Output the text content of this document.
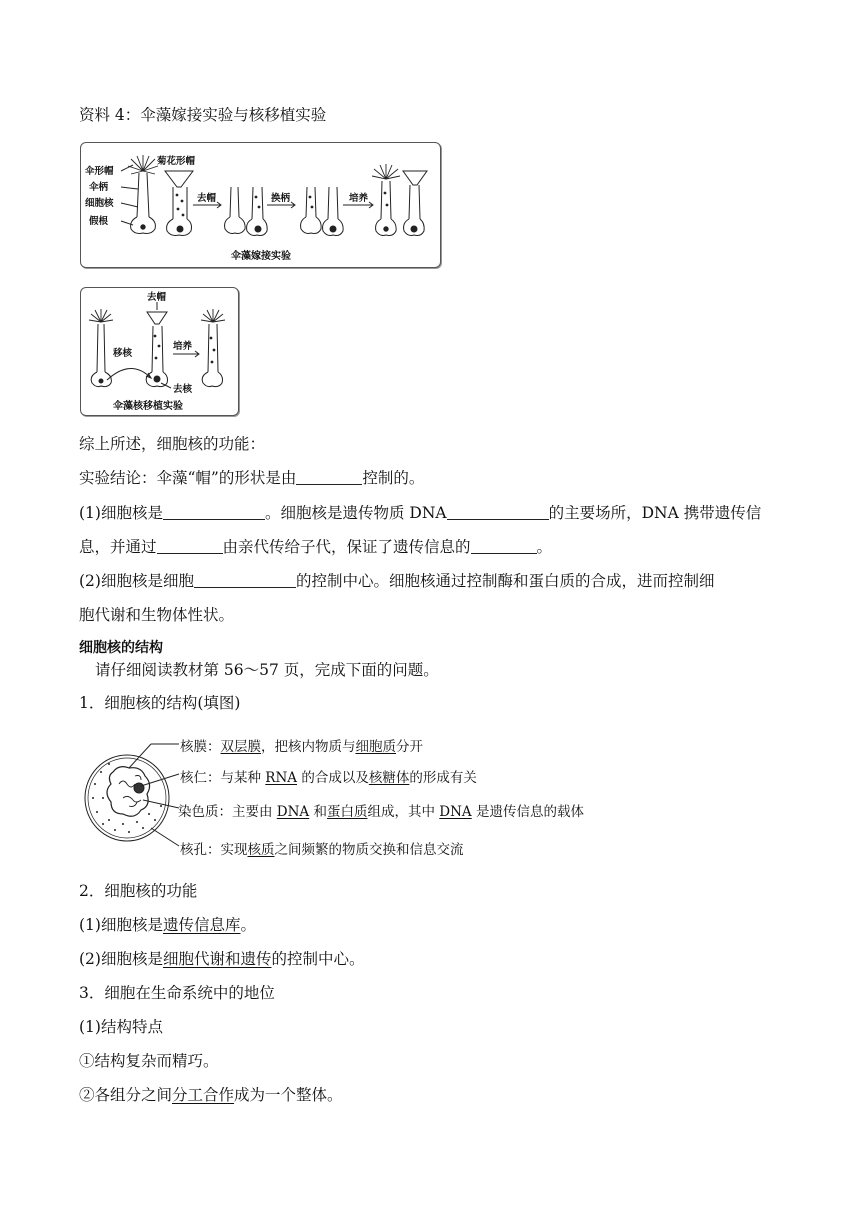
资料 4：伞藻嫁接实验与核移植实验
伞形帽
伞柄
细胞核
假根
菊花形帽
去帽	换柄	培养
伞藻嫁接实验
去帽
移核
培养
去核
伞藻核移植实验
综上所述，细胞核的功能：
实验结论：伞藻“帽”的形状是由	控制的。
(1)细胞核是	。细胞核是遗传物质 DNA	的主要场所，DNA 携带遗传信
息，并通过	由亲代传给子代，保证了遗传信息的	。
(2)细胞核是细胞	的控制中心。细胞核通过控制酶和蛋白质的合成，进而控制细
胞代谢和生物体性状。
细胞核的结构
请仔细阅读教材第 56～57 页，完成下面的问题。
1．细胞核的结构(填图)
核膜：双层膜，把核内物质与细胞质分开
核仁：与某种 RNA 的合成以及核糖体的形成有关
染色质：主要由 DNA 和蛋白质组成，其中 DNA 是遗传信息的载体
核孔：实现核质之间频繁的物质交换和信息交流
2．细胞核的功能
(1)细胞核是遗传信息库。
(2)细胞核是细胞代谢和遗传的控制中心。
3．细胞在生命系统中的地位
(1)结构特点
①结构复杂而精巧。
②各组分之间分工合作成为一个整体。
